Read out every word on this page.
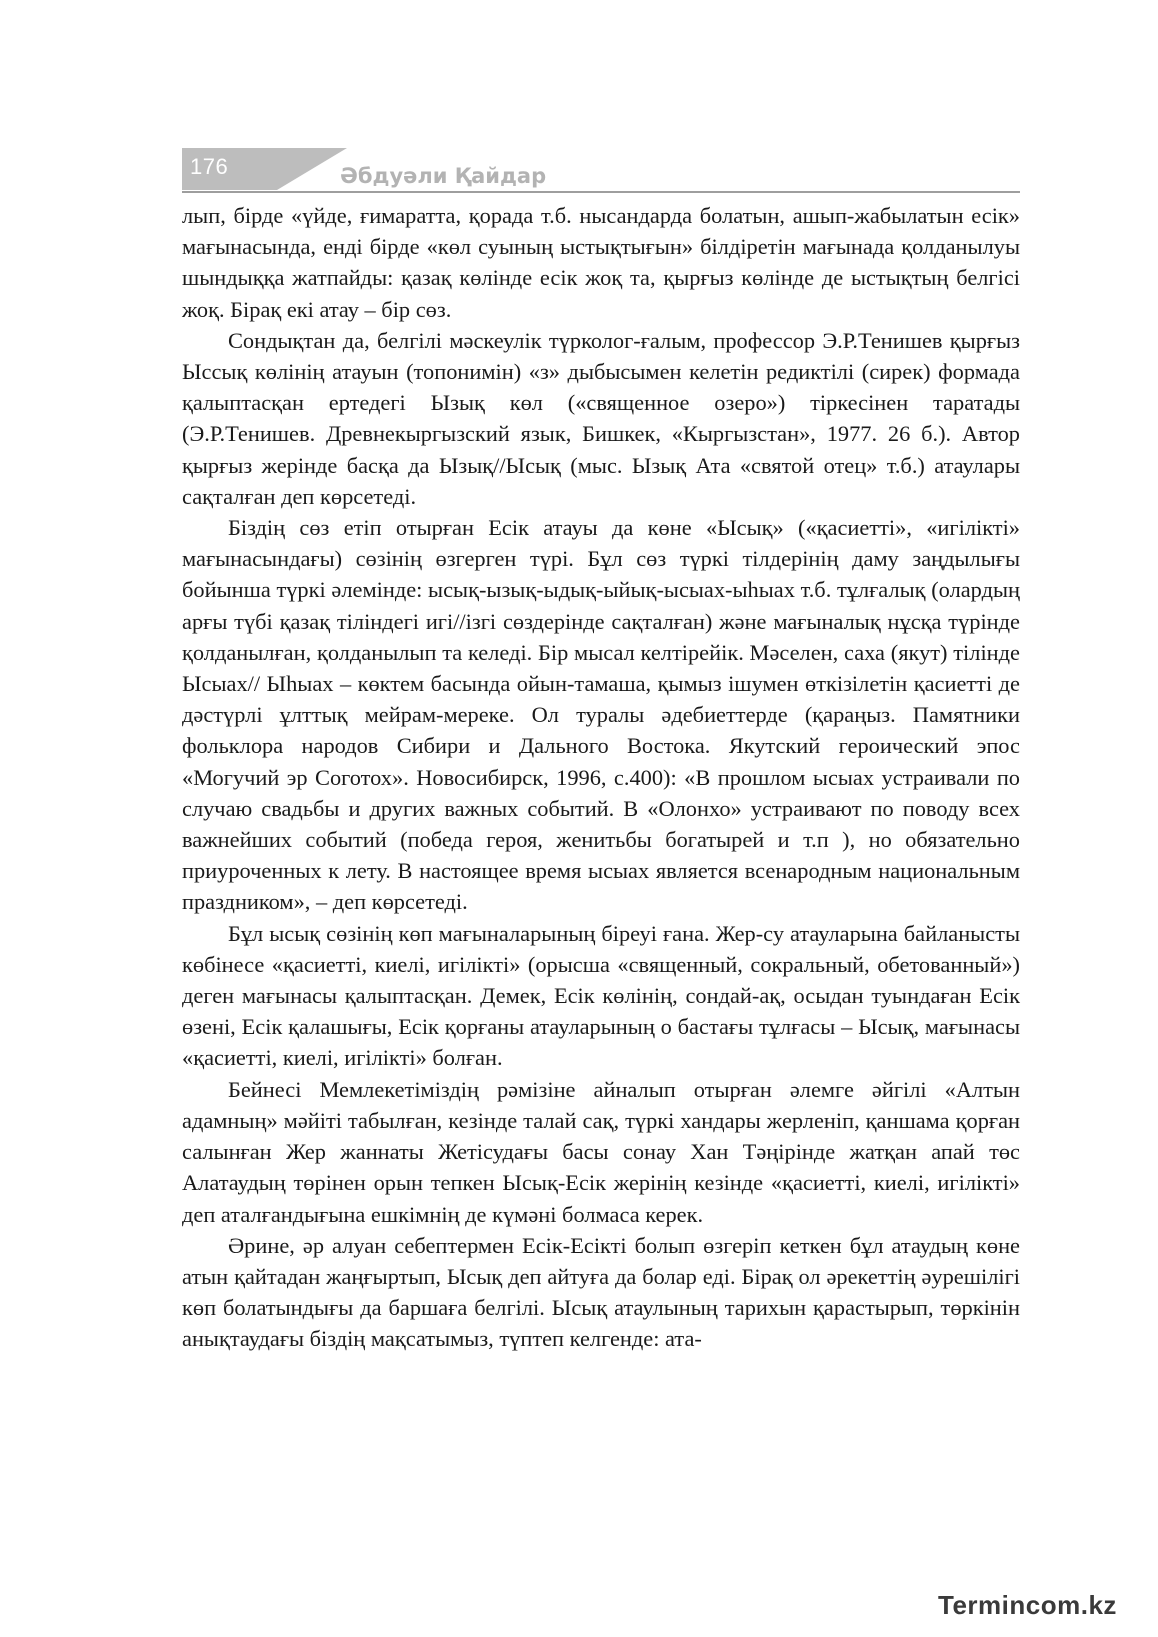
176	Әбдуәли Қайдар

лып, бірде «үйде, ғимаратта, қорада т.б. нысандарда болатын, ашып-жабылатын есік» мағынасында, енді бірде «көл суының ыстықтығын» білдіретін мағынада қолданылуы шындыққа жатпайды: қазақ көлінде есік жоқ та, қырғыз көлінде де ыстықтың белгісі жоқ. Бірақ екі атау – бір сөз.

Сондықтан да, белгілі мәскеулік түрколог-ғалым, профессор Э.Р.Тенишев қырғыз Ыссық көлінің атауын (топонимін) «з» дыбысымен келетін редиктілі (сирек) формада қалыптасқан ертедегі Ызық көл («священное озеро») тіркесінен таратады (Э.Р.Тенишев. Древнекыргызский язык, Бишкек, «Кыргызстан», 1977. 26 б.). Автор қырғыз жерінде басқа да Ызық//Ысық (мыс. Ызық Ата «святой отец» т.б.) атаулары сақталған деп көрсетеді.

Біздің сөз етіп отырған Есік атауы да көне «Ысық» («қасиетті», «игілікті» мағынасындағы) сөзінің өзгерген түрі. Бұл сөз түркі тілдерінің даму заңдылығы бойынша түркі әлемінде: ысық-ызық-ыдық-ыйық-ысыах-ыhыах т.б. тұлғалық (олардың арғы түбі қазақ тіліндегі игі//ізгі сөздерінде сақталған) және мағыналық нұсқа түрінде қолданылған, қолданылып та келеді. Бір мысал келтірейік. Мәселен, саха (якут) тілінде Ысыах// Ыhыах – көктем басында ойын-тамаша, қымыз ішумен өткізілетін қасиетті де дәстүрлі ұлттық мейрам-мереке. Ол туралы әдебиеттерде (қараңыз. Памятники фольклора народов Сибири и Дального Востока. Якутский героический эпос «Могучий эр Соготох». Новосибирск, 1996, с.400): «В прошлом ысыах устраивали по случаю свадьбы и других важных событий. В «Олонхо» устраивают по поводу всех важнейших событий (победа героя, женитьбы богатырей и т.п ), но обязательно приуроченных к лету. В настоящее время ысыах является всенародным национальным праздником», – деп көрсетеді.

Бұл ысық сөзінің көп мағыналарының біреуі ғана. Жер-су атауларына байланысты көбінесе «қасиетті, киелі, игілікті» (орысша «священный, сокральный, обетованный») деген мағынасы қалыптасқан. Демек, Есік көлінің, сондай-ақ, осыдан туындаған Есік өзені, Есік қалашығы, Есік қорғаны атауларының о бастағы тұлғасы – Ысық, мағынасы «қасиетті, киелі, игілікті» болған.

Бейнесі Мемлекетіміздің рәмізіне айналып отырған әлемге әйгілі «Алтын адамның» мәйіті табылған, кезінде талай сақ, түркі хандары жерленіп, қаншама қорған салынған Жер жаннаты Жетісудағы басы сонау Хан Тәңірінде жатқан апай төс Алатаудың төрінен орын тепкен Ысық-Есік жерінің кезінде «қасиетті, киелі, игілікті» деп аталғандығына ешкімнің де күмәні болмаса керек.

Әрине, әр алуан себептермен Есік-Есікті болып өзгеріп кеткен бұл атаудың көне атын қайтадан жаңғыртып, Ысық деп айтуға да болар еді. Бірақ ол әрекеттің әурешілігі көп болатындығы да баршаға белгілі. Ысық атаулының тарихын қарастырып, төркінін анықтаудағы біздің мақсатымыз, түптеп келгенде: ата-

Termincom.kz
